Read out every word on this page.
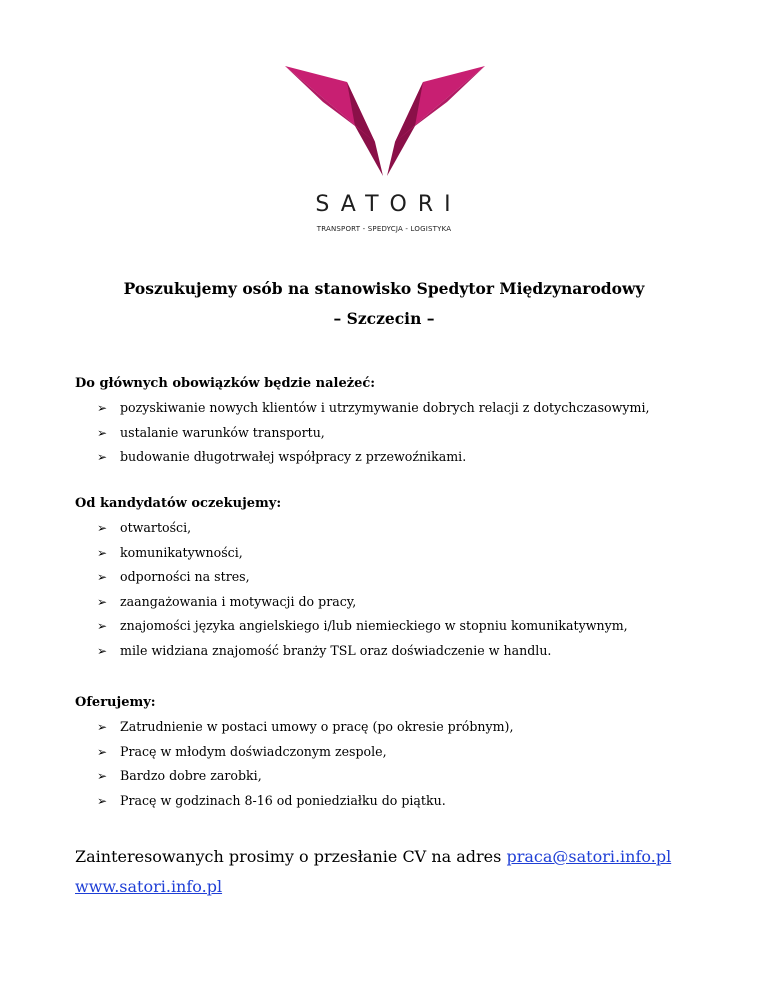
SATORI
TRANSPORT - SPEDYCJA - LOGISTYKA
Poszukujemy osób na stanowisko Spedytor Międzynarodowy
– Szczecin –

Do głównych obowiązków będzie należeć:

➢ pozyskiwanie nowych klientów i utrzymywanie dobrych relacji z dotychczasowymi,
➢ ustalanie warunków transportu,
➢ budowanie długotrwałej współpracy z przewoźnikami.

Od kandydatów oczekujemy:

➢ otwartości,
➢ komunikatywności,
➢ odporności na stres,
➢ zaangażowania i motywacji do pracy,
➢ znajomości języka angielskiego i/lub niemieckiego w stopniu komunikatywnym,
➢ mile widziana znajomość branży TSL oraz doświadczenie w handlu.

Oferujemy:

➢ Zatrudnienie w postaci umowy o pracę (po okresie próbnym),
➢ Pracę w młodym doświadczonym zespole,
➢ Bardzo dobre zarobki,
➢ Pracę w godzinach 8-16 od poniedziałku do piątku.
Zainteresowanych prosimy o przesłanie CV na adres praca@satori.info.pl
www.satori.info.pl
